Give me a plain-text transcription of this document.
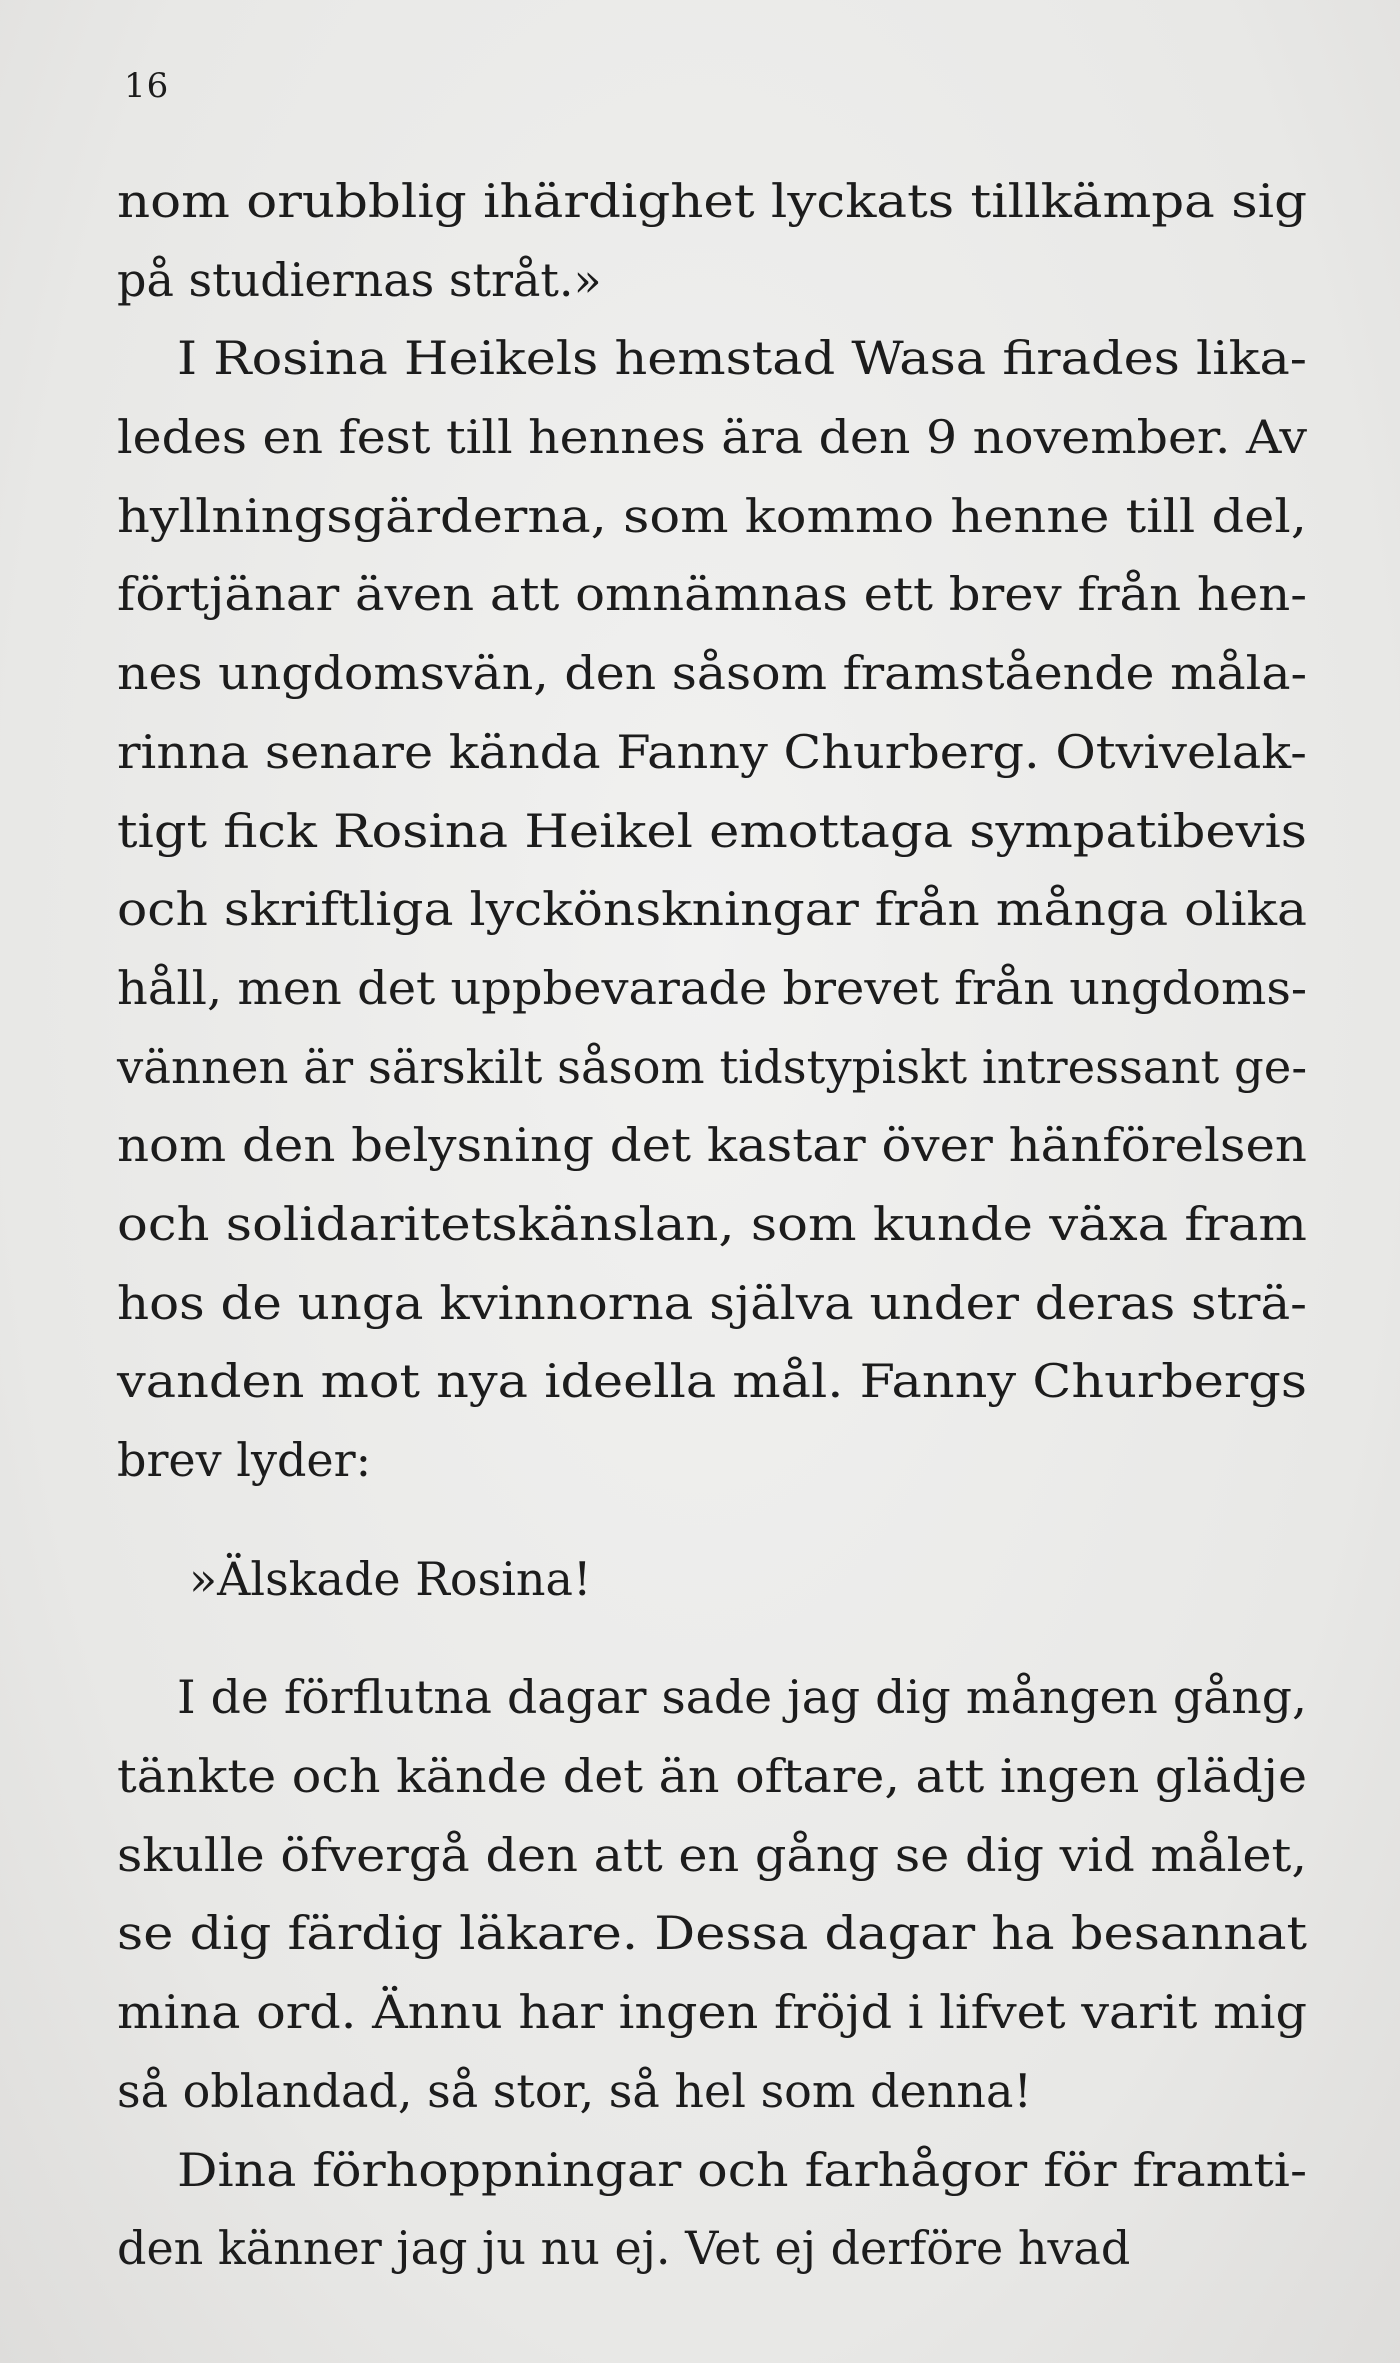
16
nom orubblig ihärdighet lyckats tillkämpa sig
på studiernas stråt.»
I Rosina Heikels hemstad Wasa firades lika-
ledes en fest till hennes ära den 9 november. Av
hyllningsgärderna, som kommo henne till del,
förtjänar även att omnämnas ett brev från hen-
nes ungdomsvän, den såsom framstående måla-
rinna senare kända Fanny Churberg. Otvivelak-
tigt fick Rosina Heikel emottaga sympatibevis
och skriftliga lyckönskningar från många olika
håll, men det uppbevarade brevet från ungdoms-
vännen är särskilt såsom tidstypiskt intressant ge-
nom den belysning det kastar över hänförelsen
och solidaritetskänslan, som kunde växa fram
hos de unga kvinnorna själva under deras strä-
vanden mot nya ideella mål. Fanny Churbergs
brev lyder:
»Älskade Rosina!
I de förflutna dagar sade jag dig mången gång,
tänkte och kände det än oftare, att ingen glädje
skulle öfvergå den att en gång se dig vid målet,
se dig färdig läkare. Dessa dagar ha besannat
mina ord. Ännu har ingen fröjd i lifvet varit mig
så oblandad, så stor, så hel som denna!
Dina förhoppningar och farhågor för framti-
den känner jag ju nu ej. Vet ej derföre hvad
